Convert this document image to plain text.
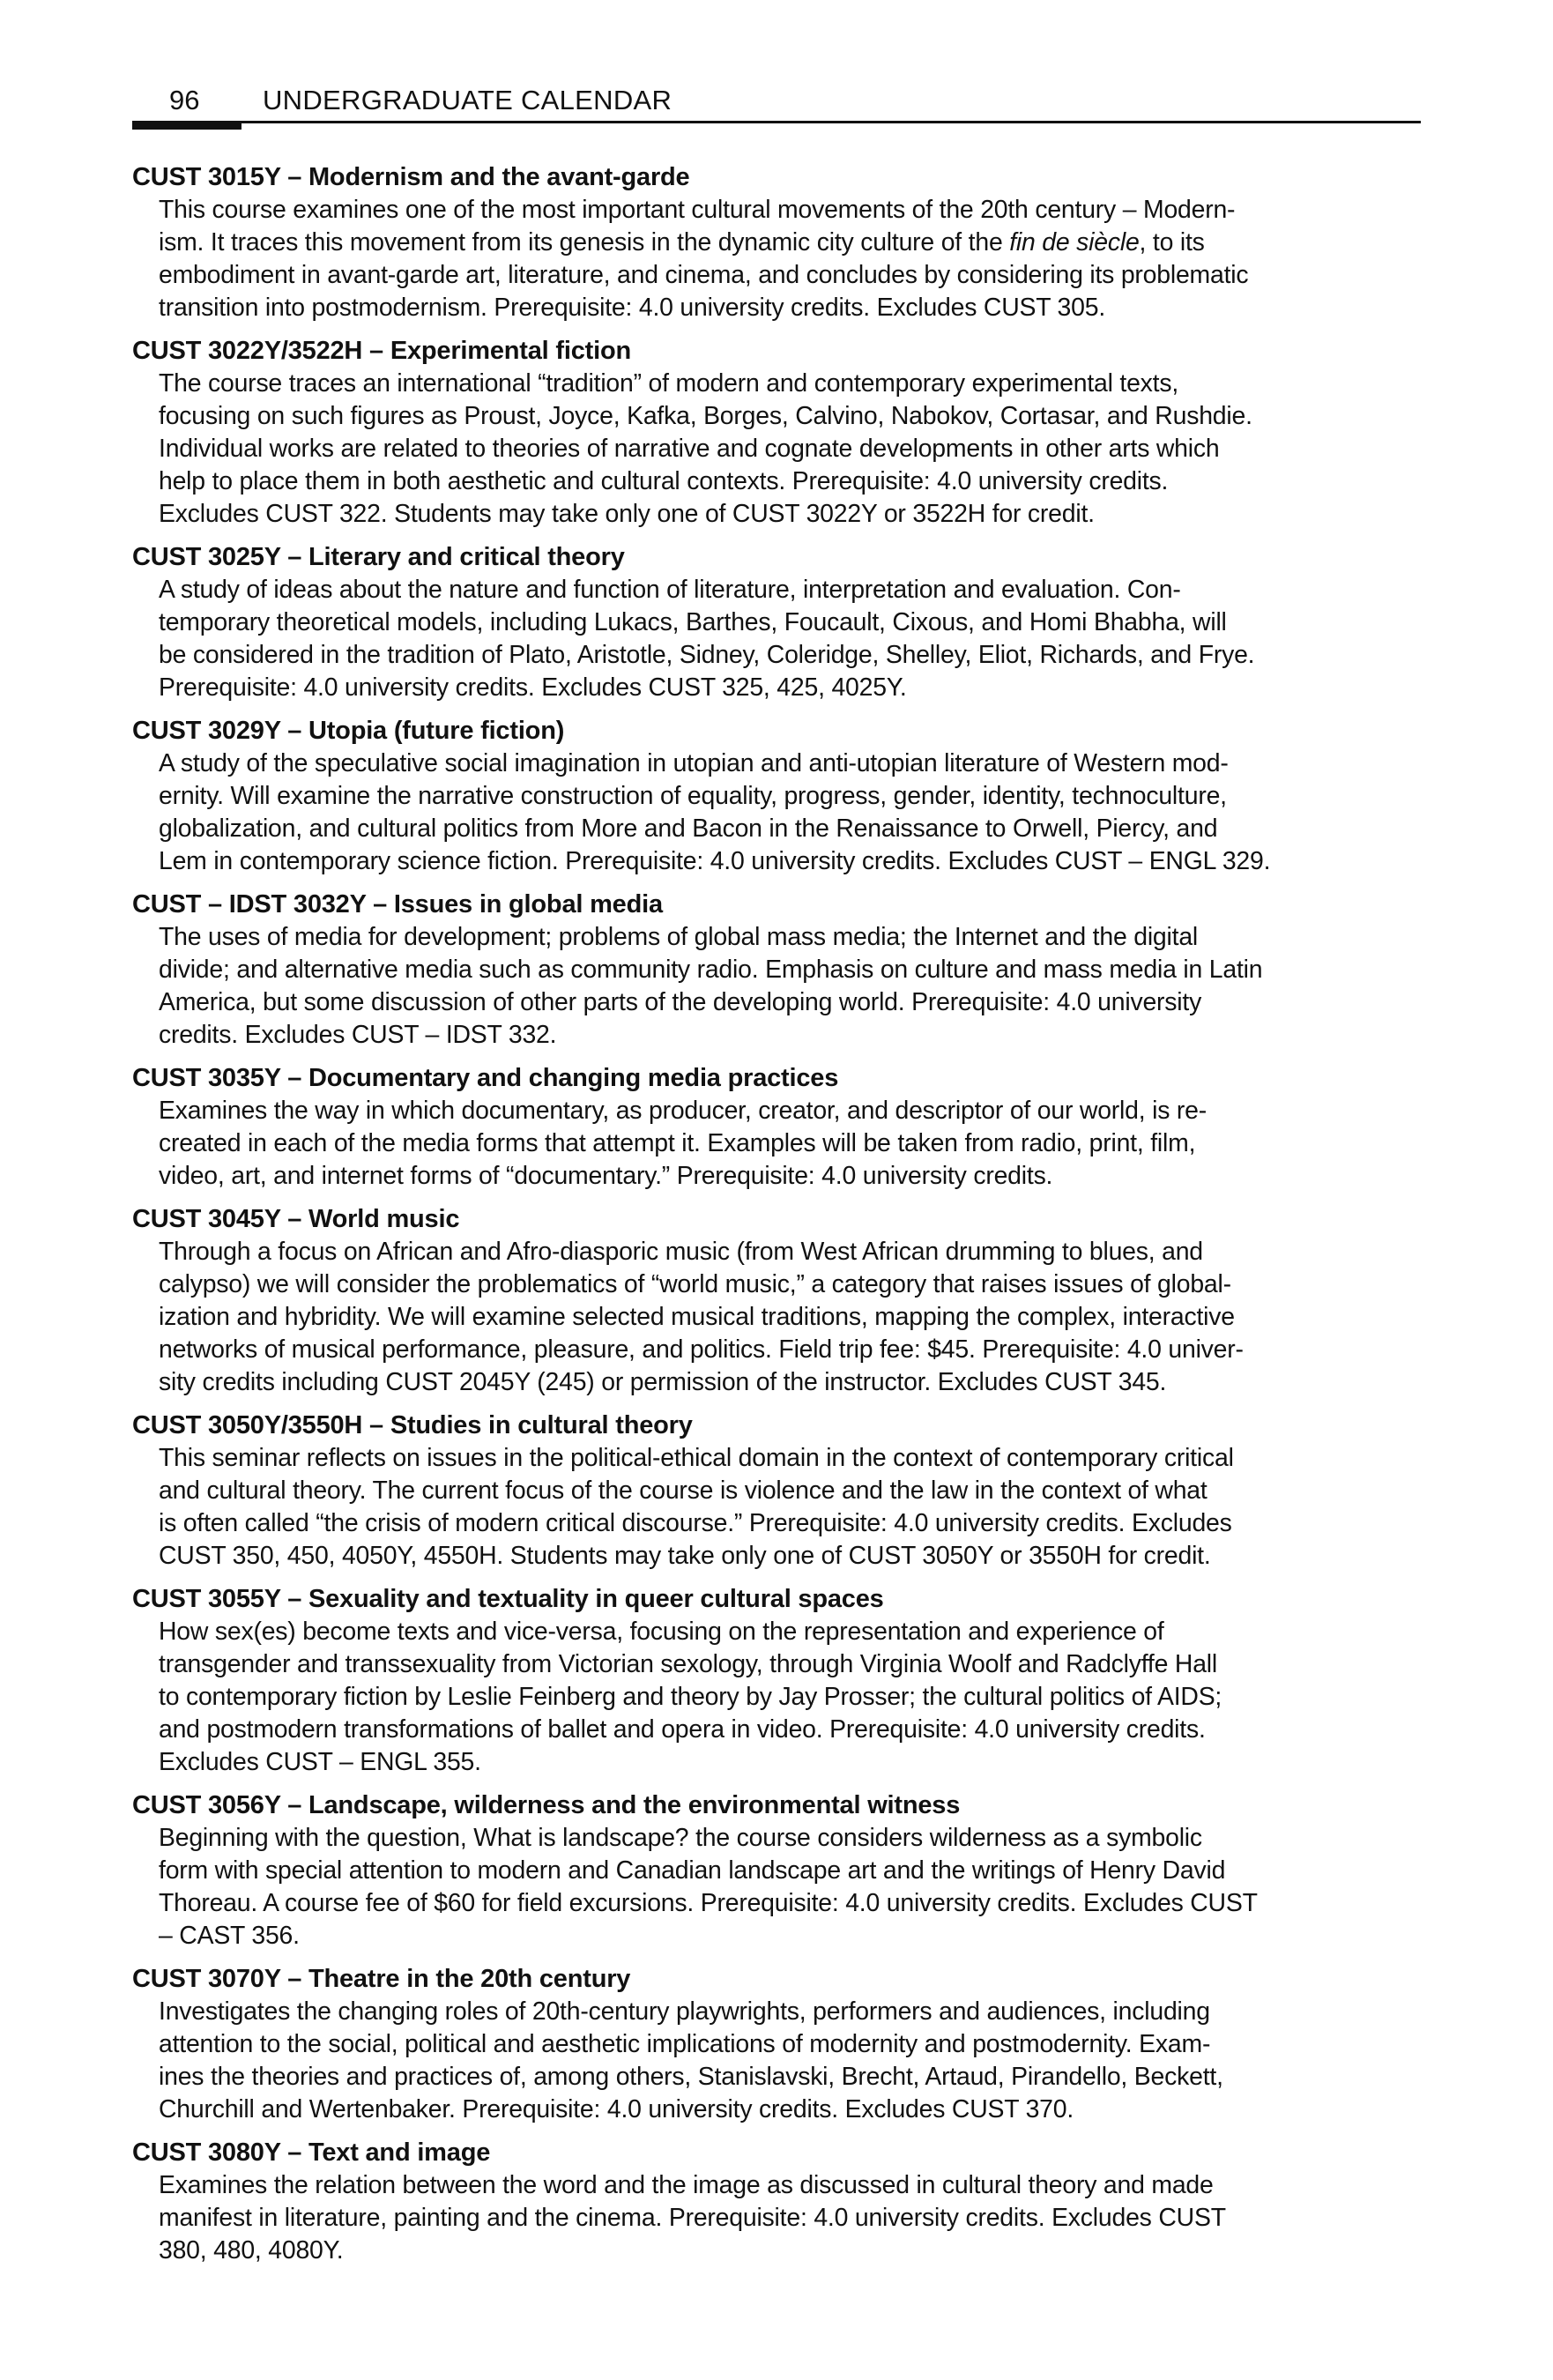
96 UNDERGRADUATE CALENDAR
CUST 3015Y – Modernism and the avant-garde
This course examines one of the most important cultural movements of the 20th century – Modern-
ism. It traces this movement from its genesis in the dynamic city culture of the fin de siècle, to its
embodiment in avant-garde art, literature, and cinema, and concludes by considering its problematic
transition into postmodernism. Prerequisite: 4.0 university credits. Excludes CUST 305.
CUST 3022Y/3522H – Experimental fiction
The course traces an international “tradition” of modern and contemporary experimental texts,
focusing on such figures as Proust, Joyce, Kafka, Borges, Calvino, Nabokov, Cortasar, and Rushdie.
Individual works are related to theories of narrative and cognate developments in other arts which
help to place them in both aesthetic and cultural contexts. Prerequisite: 4.0 university credits.
Excludes CUST 322. Students may take only one of CUST 3022Y or 3522H for credit.
CUST 3025Y – Literary and critical theory
A study of ideas about the nature and function of literature, interpretation and evaluation. Con-
temporary theoretical models, including Lukacs, Barthes, Foucault, Cixous, and Homi Bhabha, will
be considered in the tradition of Plato, Aristotle, Sidney, Coleridge, Shelley, Eliot, Richards, and Frye.
Prerequisite: 4.0 university credits. Excludes CUST 325, 425, 4025Y.
CUST 3029Y – Utopia (future fiction)
A study of the speculative social imagination in utopian and anti-utopian literature of Western mod-
ernity. Will examine the narrative construction of equality, progress, gender, identity, technoculture,
globalization, and cultural politics from More and Bacon in the Renaissance to Orwell, Piercy, and
Lem in contemporary science fiction. Prerequisite: 4.0 university credits. Excludes CUST – ENGL 329.
CUST – IDST 3032Y – Issues in global media
The uses of media for development; problems of global mass media; the Internet and the digital
divide; and alternative media such as community radio. Emphasis on culture and mass media in Latin
America, but some discussion of other parts of the developing world. Prerequisite: 4.0 university
credits. Excludes CUST – IDST 332.
CUST 3035Y – Documentary and changing media practices
Examines the way in which documentary, as producer, creator, and descriptor of our world, is re-
created in each of the media forms that attempt it. Examples will be taken from radio, print, film,
video, art, and internet forms of “documentary.” Prerequisite: 4.0 university credits.
CUST 3045Y – World music
Through a focus on African and Afro-diasporic music (from West African drumming to blues, and
calypso) we will consider the problematics of “world music,” a category that raises issues of global-
ization and hybridity. We will examine selected musical traditions, mapping the complex, interactive
networks of musical performance, pleasure, and politics. Field trip fee: $45. Prerequisite: 4.0 univer-
sity credits including CUST 2045Y (245) or permission of the instructor. Excludes CUST 345.
CUST 3050Y/3550H – Studies in cultural theory
This seminar reflects on issues in the political-ethical domain in the context of contemporary critical
and cultural theory. The current focus of the course is violence and the law in the context of what
is often called “the crisis of modern critical discourse.” Prerequisite: 4.0 university credits. Excludes
CUST 350, 450, 4050Y, 4550H. Students may take only one of CUST 3050Y or 3550H for credit.
CUST 3055Y – Sexuality and textuality in queer cultural spaces
How sex(es) become texts and vice-versa, focusing on the representation and experience of
transgender and transsexuality from Victorian sexology, through Virginia Woolf and Radclyffe Hall
to contemporary fiction by Leslie Feinberg and theory by Jay Prosser; the cultural politics of AIDS;
and postmodern transformations of ballet and opera in video. Prerequisite: 4.0 university credits.
Excludes CUST – ENGL 355.
CUST 3056Y – Landscape, wilderness and the environmental witness
Beginning with the question, What is landscape? the course considers wilderness as a symbolic
form with special attention to modern and Canadian landscape art and the writings of Henry David
Thoreau. A course fee of $60 for field excursions. Prerequisite: 4.0 university credits. Excludes CUST
– CAST 356.
CUST 3070Y – Theatre in the 20th century
Investigates the changing roles of 20th-century playwrights, performers and audiences, including
attention to the social, political and aesthetic implications of modernity and postmodernity. Exam-
ines the theories and practices of, among others, Stanislavski, Brecht, Artaud, Pirandello, Beckett,
Churchill and Wertenbaker. Prerequisite: 4.0 university credits. Excludes CUST 370.
CUST 3080Y – Text and image
Examines the relation between the word and the image as discussed in cultural theory and made
manifest in literature, painting and the cinema. Prerequisite: 4.0 university credits. Excludes CUST
380, 480, 4080Y.
